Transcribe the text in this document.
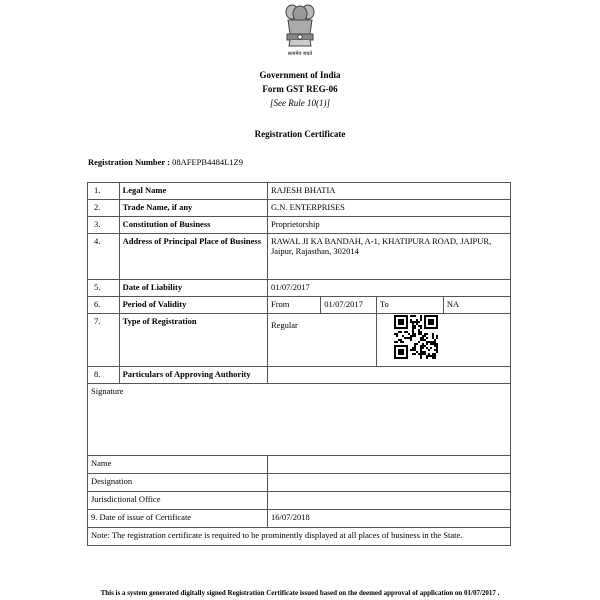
सत्यमेव जयते
Government of India
Form GST REG-06
[See Rule 10(1)]
Registration Certificate
Registration Number : 08AFEPB4484L1Z9
1.	Legal Name	RAJESH BHATIA			
2.	Trade Name, if any	G.N. ENTERPRISES			
3.	Constitution of Business	Proprietorship			
4.	Address of Principal Place of Business	RAWAL JI KA BANDAH, A-1, KHATIPURA ROAD, JAIPUR, Jaipur, Rajasthan, 302014			
5.	Date of Liability	01/07/2017			
6.	Period of Validity	From	01/07/2017	To	NA
7.	Type of Registration	Regular	

8.	Particulars of Approving Authority				
Signature					
Name					
Designation					
Jurisdictional Office					
9. Date of issue of Certificate		16/07/2018			
Note: The registration certificate is required to be prominently displayed at all places of business in the State.					
This is a system generated digitally signed Registration Certificate issued based on the deemed approval of application on 01/07/2017 .
